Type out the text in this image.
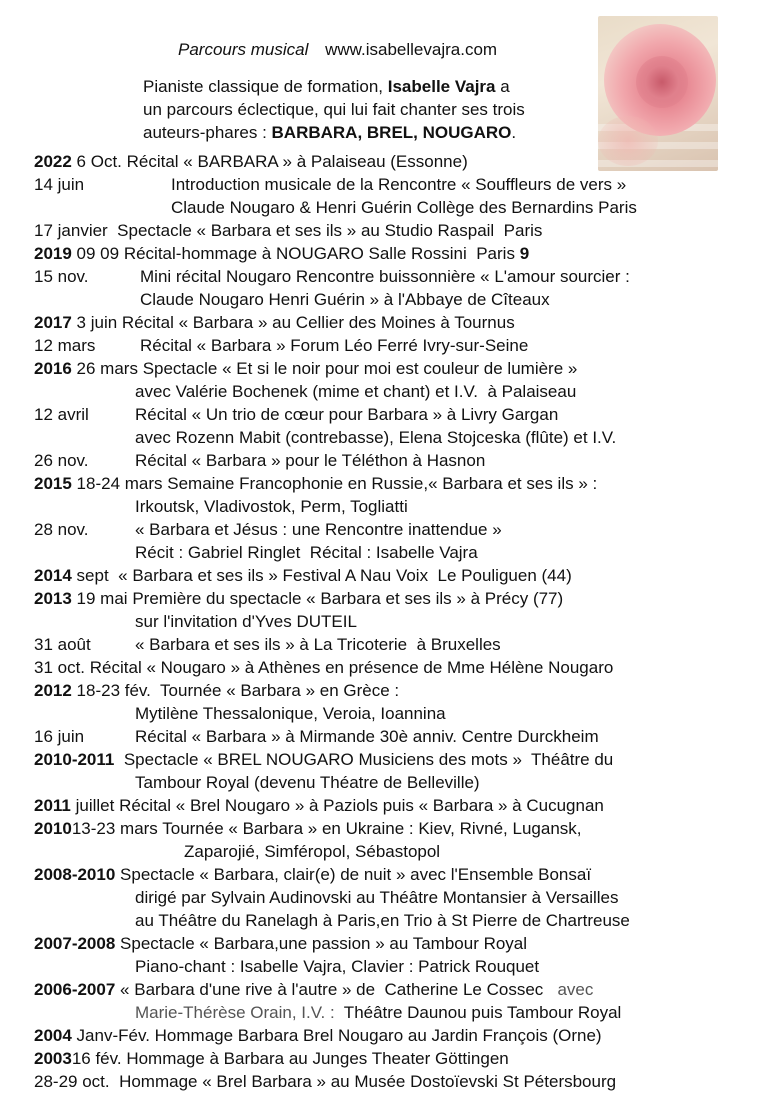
Parcours musical www.isabellevajra.com

Pianiste classique de formation, Isabelle Vajra a

un parcours éclectique, qui lui fait chanter ses trois

auteurs-phares : BARBARA, BREL, NOUGARO.

2022 6 Oct. Récital « BARBARA » à Palaiseau (Essonne)
14 juin	Introduction musicale de la Rencontre « Souffleurs de vers »
Claude Nougaro & Henri Guérin Collège des Bernardins Paris
17 janvier  Spectacle « Barbara et ses ils » au Studio Raspail  Paris
2019 09 09 Récital-hommage à NOUGARO Salle Rossini  Paris 9
15 nov.	Mini récital Nougaro Rencontre buissonnière « L'amour sourcier :
Claude Nougaro Henri Guérin » à l'Abbaye de Cîteaux
2017 3 juin Récital « Barbara » au Cellier des Moines à Tournus
12 mars	Récital « Barbara » Forum Léo Ferré Ivry-sur-Seine
2016 26 mars Spectacle « Et si le noir pour moi est couleur de lumière »
avec Valérie Bochenek (mime et chant) et I.V.  à Palaiseau
12 avril	Récital « Un trio de cœur pour Barbara » à Livry Gargan
avec Rozenn Mabit (contrebasse), Elena Stojceska (flûte) et I.V.
26 nov.	Récital « Barbara » pour le Téléthon à Hasnon
2015 18-24 mars Semaine Francophonie en Russie,« Barbara et ses ils » :
Irkoutsk, Vladivostok, Perm, Togliatti
28 nov.	« Barbara et Jésus : une Rencontre inattendue »
Récit : Gabriel Ringlet  Récital : Isabelle Vajra
2014 sept  « Barbara et ses ils » Festival A Nau Voix  Le Pouliguen (44)
2013 19 mai Première du spectacle « Barbara et ses ils » à Précy (77)
sur l'invitation d'Yves DUTEIL
31 août	« Barbara et ses ils » à La Tricoterie  à Bruxelles
31 oct. Récital « Nougaro » à Athènes en présence de Mme Hélène Nougaro
2012 18-23 fév.  Tournée « Barbara » en Grèce :
Mytilène Thessalonique, Veroia, Ioannina
16 juin	Récital « Barbara » à Mirmande 30è anniv. Centre Durckheim
2010-2011 Spectacle « BREL NOUGARO Musiciens des mots »  Théâtre du
Tambour Royal (devenu Théatre de Belleville)
2011 juillet Récital « Brel Nougaro » à Paziols puis « Barbara » à Cucugnan
201013-23 mars Tournée « Barbara » en Ukraine : Kiev, Rivné, Lugansk,
Zaparojié, Simféropol, Sébastopol
2008-2010 Spectacle « Barbara, clair(e) de nuit » avec l'Ensemble Bonsaï
dirigé par Sylvain Audinovski au Théâtre Montansier à Versailles
au Théâtre du Ranelagh à Paris,en Trio à St Pierre de Chartreuse
2007-2008 Spectacle « Barbara,une passion » au Tambour Royal
Piano-chant : Isabelle Vajra, Clavier : Patrick Rouquet
2006-2007 « Barbara d'une rive à l'autre » de  Catherine Le Cossec   avec
Marie-Thérèse Orain, I.V. :  Théâtre Daunou puis Tambour Royal
2004 Janv-Fév. Hommage Barbara Brel Nougaro au Jardin François (Orne)
200316 fév. Hommage à Barbara au Junges Theater Göttingen
28-29 oct.  Hommage « Brel Barbara » au Musée Dostoïevski St Pétersbourg
